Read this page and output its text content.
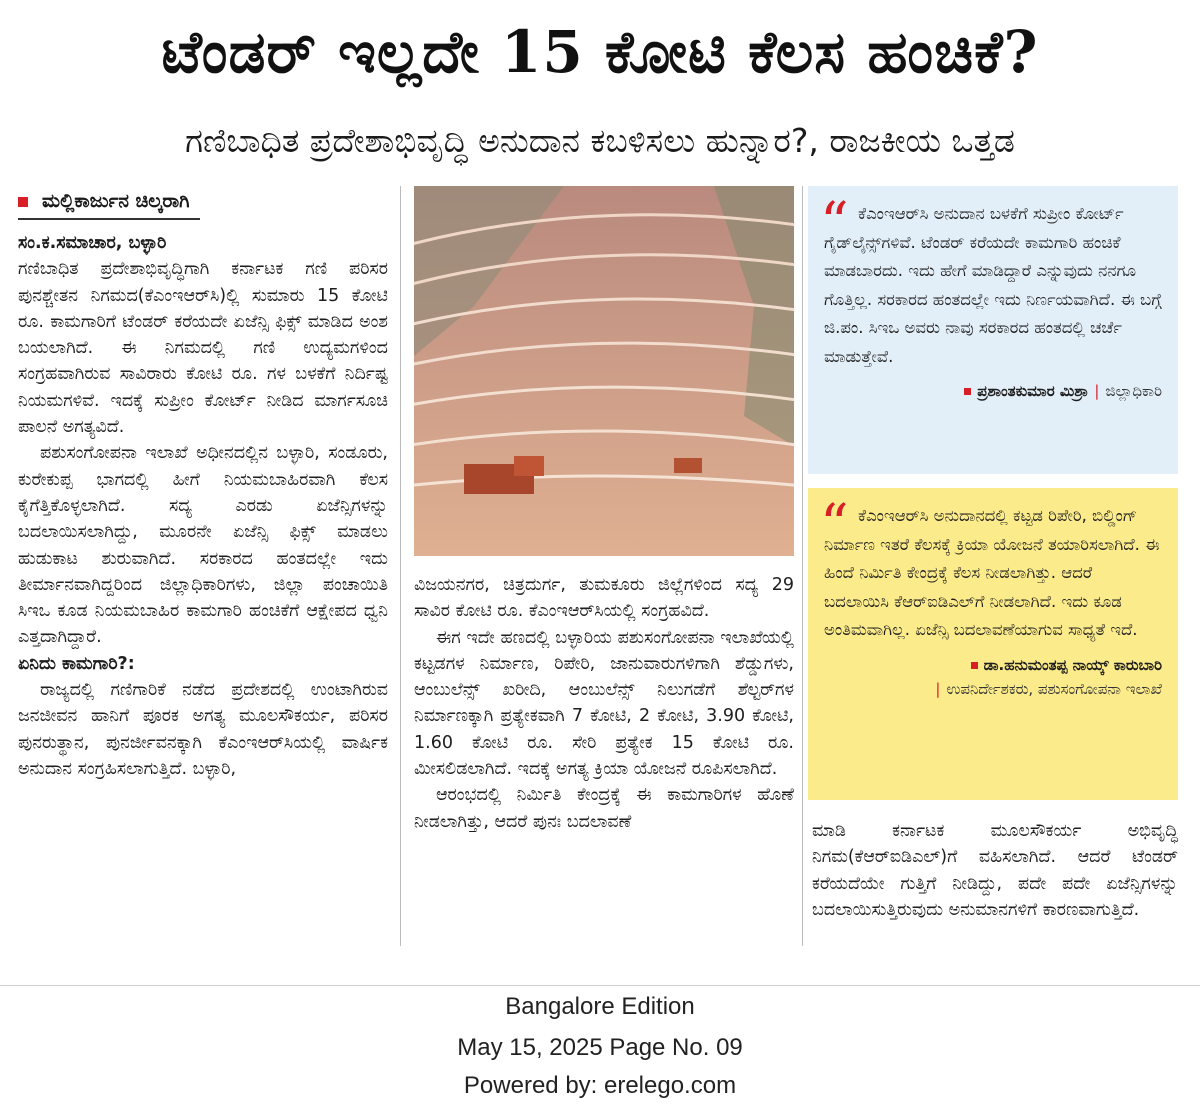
ಟೆಂಡರ್ ಇಲ್ಲದೇ 15 ಕೋಟಿ ಕೆಲಸ ಹಂಚಿಕೆ?
ಗಣಿಬಾಧಿತ ಪ್ರದೇಶಾಭಿವೃದ್ಧಿ ಅನುದಾನ ಕಬಳಿಸಲು ಹುನ್ನಾರ?, ರಾಜಕೀಯ ಒತ್ತಡ
ಮಲ್ಲಿಕಾರ್ಜುನ ಚಿಲ್ಕರಾಗಿ

ಸಂ.ಕ.ಸಮಾಚಾರ, ಬಳ್ಳಾರಿ

ಗಣಿಬಾಧಿತ ಪ್ರದೇಶಾಭಿವೃದ್ಧಿಗಾಗಿ ಕರ್ನಾಟಕ ಗಣಿ ಪರಿಸರ ಪುನಶ್ಚೇತನ ನಿಗಮದ(ಕೆಎಂಇಆರ್‌ಸಿ)ಲ್ಲಿ ಸುಮಾರು 15 ಕೋಟಿ ರೂ. ಕಾಮಗಾರಿಗೆ ಟೆಂಡರ್ ಕರೆಯದೇ ಏಜೆನ್ಸಿ ಫಿಕ್ಸ್ ಮಾಡಿದ ಅಂಶ ಬಯಲಾಗಿದೆ. ಈ ನಿಗಮದಲ್ಲಿ ಗಣಿ ಉದ್ಯಮಗಳಿಂದ ಸಂಗ್ರಹವಾಗಿರುವ ಸಾವಿರಾರು ಕೋಟಿ ರೂ. ಗಳ ಬಳಕೆಗೆ ನಿರ್ದಿಷ್ಟ ನಿಯಮಗಳಿವೆ. ಇದಕ್ಕೆ ಸುಪ್ರೀಂ ಕೋರ್ಟ್ ನೀಡಿದ ಮಾರ್ಗಸೂಚಿ ಪಾಲನೆ ಅಗತ್ಯವಿದೆ.

ಪಶುಸಂಗೋಪನಾ ಇಲಾಖೆ ಅಧೀನದಲ್ಲಿನ ಬಳ್ಳಾರಿ, ಸಂಡೂರು, ಕುರೇಕುಪ್ಪ ಭಾಗದಲ್ಲಿ ಹೀಗೆ ನಿಯಮಬಾಹಿರವಾಗಿ ಕೆಲಸ ಕೈಗೆತ್ತಿಕೊಳ್ಳಲಾಗಿದೆ. ಸದ್ಯ ಎರಡು ಏಜೆನ್ಸಿಗಳನ್ನು ಬದಲಾಯಿಸಲಾಗಿದ್ದು, ಮೂರನೇ ಏಜೆನ್ಸಿ ಫಿಕ್ಸ್ ಮಾಡಲು ಹುಡುಕಾಟ ಶುರುವಾಗಿದೆ. ಸರಕಾರದ ಹಂತದಲ್ಲೇ ಇದು ತೀರ್ಮಾನವಾಗಿದ್ದರಿಂದ ಜಿಲ್ಲಾಧಿಕಾರಿಗಳು, ಜಿಲ್ಲಾ ಪಂಚಾಯಿತಿ ಸಿಇಒ ಕೂಡ ನಿಯಮಬಾಹಿರ ಕಾಮಗಾರಿ ಹಂಚಿಕೆಗೆ ಆಕ್ಷೇಪದ ಧ್ವನಿ ಎತ್ತದಾಗಿದ್ದಾರೆ.

ಏನಿದು ಕಾಮಗಾರಿ?:

ರಾಜ್ಯದಲ್ಲಿ ಗಣಿಗಾರಿಕೆ ನಡೆದ ಪ್ರದೇಶದಲ್ಲಿ ಉಂಟಾಗಿರುವ ಜನಜೀವನ ಹಾನಿಗೆ ಪೂರಕ ಅಗತ್ಯ ಮೂಲಸೌಕರ್ಯ, ಪರಿಸರ ಪುನರುತ್ಥಾನ, ಪುನರ್ಜೀವನಕ್ಕಾಗಿ ಕೆಎಂಇಆರ್‌ಸಿಯಲ್ಲಿ ವಾರ್ಷಿಕ ಅನುದಾನ ಸಂಗ್ರಹಿಸಲಾಗುತ್ತಿದೆ. ಬಳ್ಳಾರಿ,

ವಿಜಯನಗರ, ಚಿತ್ರದುರ್ಗ, ತುಮಕೂರು ಜಿಲ್ಲೆಗಳಿಂದ ಸದ್ಯ 29 ಸಾವಿರ ಕೋಟಿ ರೂ. ಕೆಎಂಇಆರ್‌ಸಿಯಲ್ಲಿ ಸಂಗ್ರಹವಿದೆ.

ಈಗ ಇದೇ ಹಣದಲ್ಲಿ ಬಳ್ಳಾರಿಯ ಪಶುಸಂಗೋಪನಾ ಇಲಾಖೆಯಲ್ಲಿ ಕಟ್ಟಡಗಳ ನಿರ್ಮಾಣ, ರಿಪೇರಿ, ಜಾನುವಾರುಗಳಿಗಾಗಿ ಶೆಡ್ಡುಗಳು, ಆಂಬುಲೆನ್ಸ್ ಖರೀದಿ, ಆಂಬುಲೆನ್ಸ್ ನಿಲುಗಡೆಗೆ ಶೆಲ್ಟರ್‌ಗಳ ನಿರ್ಮಾಣಕ್ಕಾಗಿ ಪ್ರತ್ಯೇಕವಾಗಿ 7 ಕೋಟಿ, 2 ಕೋಟಿ, 3.90 ಕೋಟಿ, 1.60 ಕೋಟಿ ರೂ. ಸೇರಿ ಪ್ರತ್ಯೇಕ 15 ಕೋಟಿ ರೂ. ಮೀಸಲಿಡಲಾಗಿದೆ. ಇದಕ್ಕೆ ಅಗತ್ಯ ಕ್ರಿಯಾ ಯೋಜನೆ ರೂಪಿಸಲಾಗಿದೆ.

ಆರಂಭದಲ್ಲಿ ನಿರ್ಮಿತಿ ಕೇಂದ್ರಕ್ಕೆ ಈ ಕಾಮಗಾರಿಗಳ ಹೊಣೆ ನೀಡಲಾಗಿತ್ತು, ಆದರೆ ಪುನಃ ಬದಲಾವಣೆ

“ ಕೆಎಂಇಆರ್‌ಸಿ ಅನುದಾನ ಬಳಕೆಗೆ ಸುಪ್ರೀಂ ಕೋರ್ಟ್ ಗೈಡ್‌ಲೈನ್ಸ್‌ಗಳಿವೆ. ಟೆಂಡರ್ ಕರೆಯದೇ ಕಾಮಗಾರಿ ಹಂಚಿಕೆ ಮಾಡಬಾರದು. ಇದು ಹೇಗೆ ಮಾಡಿದ್ದಾರೆ ಎನ್ನುವುದು ನನಗೂ ಗೊತ್ತಿಲ್ಲ. ಸರಕಾರದ ಹಂತದಲ್ಲೇ ಇದು ನಿರ್ಣಯವಾಗಿದೆ. ಈ ಬಗ್ಗೆ ಜಿ.ಪಂ. ಸಿಇಒ ಅವರು ನಾವು ಸರಕಾರದ ಹಂತದಲ್ಲಿ ಚರ್ಚೆ ಮಾಡುತ್ತೇವೆ.
ಪ್ರಶಾಂತಕುಮಾರ ಮಿಶ್ರಾ | ಜಿಲ್ಲಾಧಿಕಾರಿ
“ ಕೆಎಂಇಆರ್‌ಸಿ ಅನುದಾನದಲ್ಲಿ ಕಟ್ಟಡ ರಿಪೇರಿ, ಬಿಲ್ಡಿಂಗ್ ನಿರ್ಮಾಣ ಇತರೆ ಕೆಲಸಕ್ಕೆ ಕ್ರಿಯಾ ಯೋಜನೆ ತಯಾರಿಸಲಾಗಿದೆ. ಈ ಹಿಂದೆ ನಿರ್ಮಿತಿ ಕೇಂದ್ರಕ್ಕೆ ಕೆಲಸ ನೀಡಲಾಗಿತ್ತು. ಆದರೆ ಬದಲಾಯಿಸಿ ಕೆಆರ್‌ಐಡಿಎಲ್‌ಗೆ ನೀಡಲಾಗಿದೆ. ಇದು ಕೂಡ ಅಂತಿಮವಾಗಿಲ್ಲ. ಏಜೆನ್ಸಿ ಬದಲಾವಣೆಯಾಗುವ ಸಾಧ್ಯತೆ ಇದೆ.
ಡಾ.ಹನುಮಂತಪ್ಪ ನಾಯ್ಕ್ ಕಾರುಬಾರಿ
| ಉಪನಿರ್ದೇಶಕರು, ಪಶುಸಂಗೋಪನಾ ಇಲಾಖೆ

ಮಾಡಿ ಕರ್ನಾಟಕ ಮೂಲಸೌಕರ್ಯ ಅಭಿವೃದ್ಧಿ ನಿಗಮ(ಕೆಆರ್‌ಐಡಿಎಲ್)ಗೆ ವಹಿಸಲಾಗಿದೆ. ಆದರೆ ಟೆಂಡರ್ ಕರೆಯದೆಯೇ ಗುತ್ತಿಗೆ ನೀಡಿದ್ದು, ಪದೇ ಪದೇ ಏಜೆನ್ಸಿಗಳನ್ನು ಬದಲಾಯಿಸುತ್ತಿರುವುದು ಅನುಮಾನಗಳಿಗೆ ಕಾರಣವಾಗುತ್ತಿದೆ.

Bangalore Edition
May 15, 2025 Page No. 09
Powered by: erelego.com
